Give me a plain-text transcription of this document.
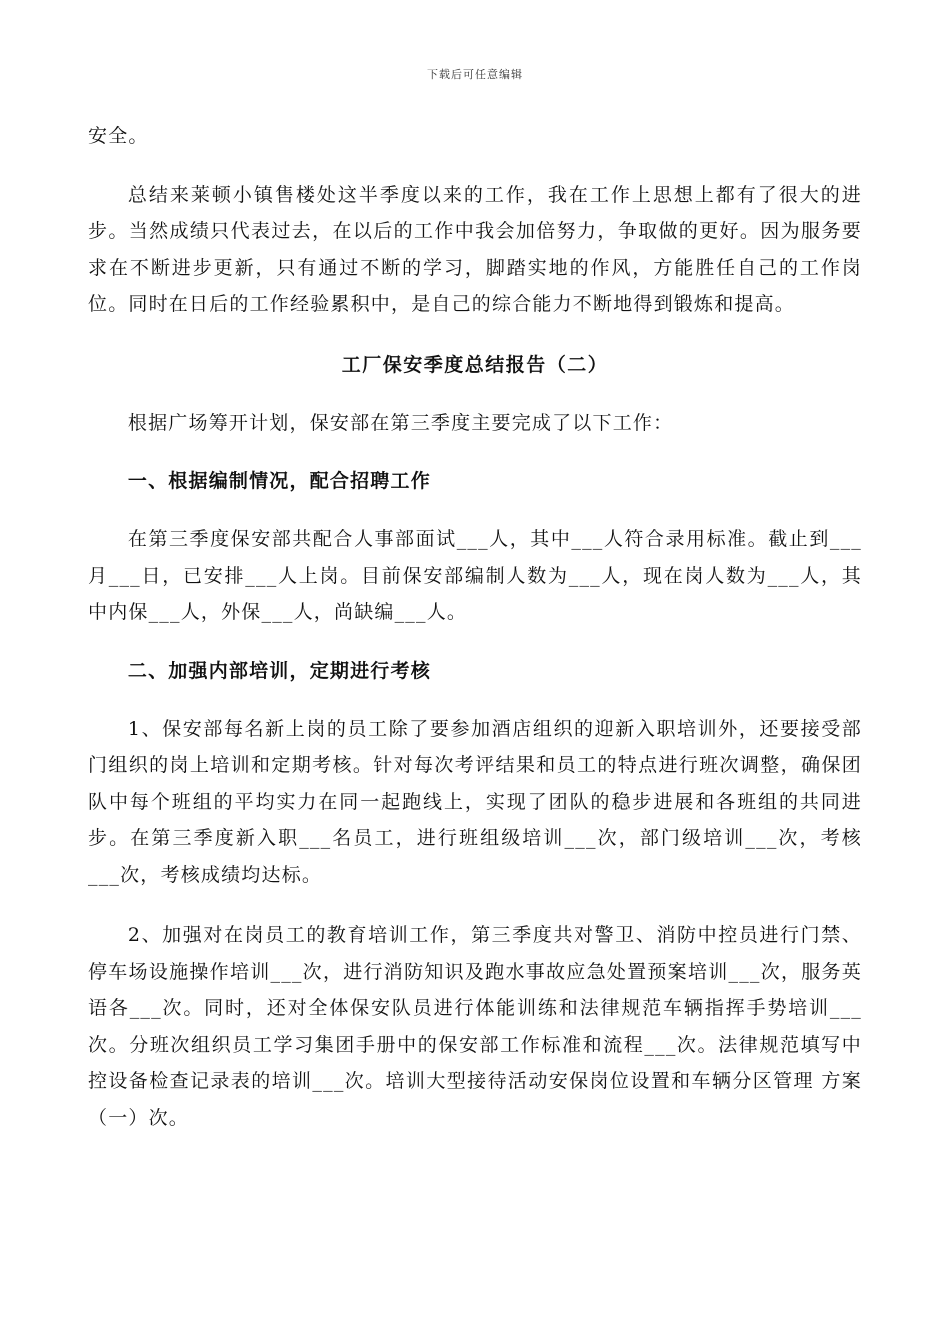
下载后可任意编辑

安全。

总结来莱顿小镇售楼处这半季度以来的工作，我在工作上思想上都有了很大的进步。当然成绩只代表过去，在以后的工作中我会加倍努力，争取做的更好。因为服务要求在不断进步更新，只有通过不断的学习，脚踏实地的作风，方能胜任自己的工作岗位。同时在日后的工作经验累积中，是自己的综合能力不断地得到锻炼和提高。

工厂保安季度总结报告（二）

根据广场筹开计划，保安部在第三季度主要完成了以下工作：

一、根据编制情况，配合招聘工作

在第三季度保安部共配合人事部面试___人，其中___人符合录用标准。截止到___月___日，已安排___人上岗。目前保安部编制人数为___人，现在岗人数为___人，其中内保___人，外保___人，尚缺编___人。

二、加强内部培训，定期进行考核

1、保安部每名新上岗的员工除了要参加酒店组织的迎新入职培训外，还要接受部门组织的岗上培训和定期考核。针对每次考评结果和员工的特点进行班次调整，确保团队中每个班组的平均实力在同一起跑线上，实现了团队的稳步进展和各班组的共同进步。在第三季度新入职___名员工，进行班组级培训___次，部门级培训___次，考核___次，考核成绩均达标。

2、加强对在岗员工的教育培训工作，第三季度共对警卫、消防中控员进行门禁、停车场设施操作培训___次，进行消防知识及跑水事故应急处置预案培训___次，服务英语各___次。同时，还对全体保安队员进行体能训练和法律规范车辆指挥手势培训___次。分班次组织员工学习集团手册中的保安部工作标准和流程___次。法律规范填写中控设备检查记录表的培训___次。培训大型接待活动安保岗位设置和车辆分区管理 方案（一）次。
